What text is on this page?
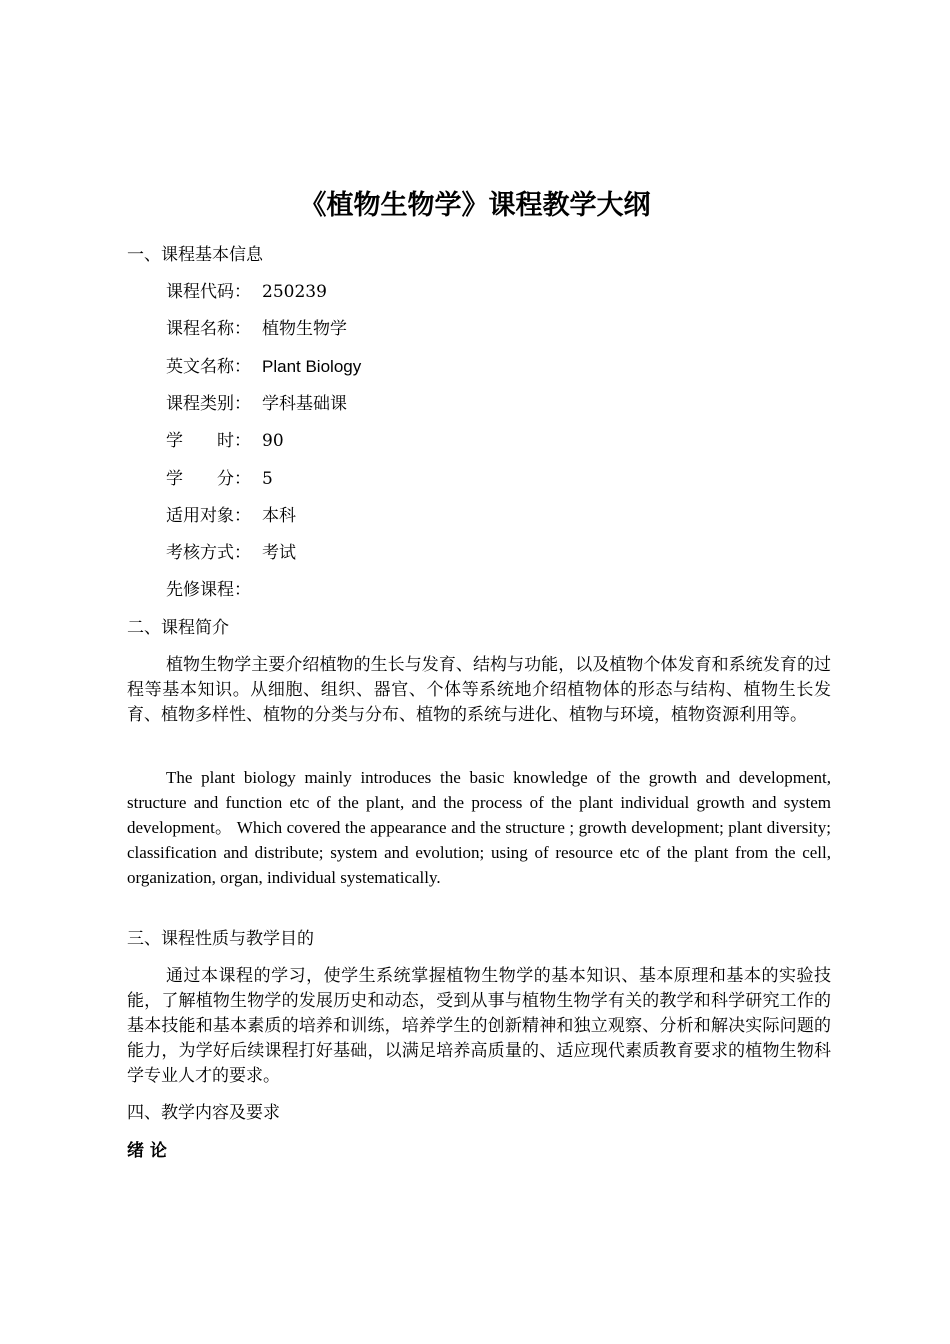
《植物生物学》课程教学大纲
一、课程基本信息
课程代码： 250239
课程名称： 植物生物学
英文名称： Plant Biology
课程类别： 学科基础课
学　　时： 90
学　　分： 5
适用对象： 本科
考核方式： 考试
先修课程：
二、课程简介
植物生物学主要介绍植物的生长与发育、结构与功能，以及植物个体发育和系统发育的过程等基本知识。从细胞、组织、器官、个体等系统地介绍植物体的形态与结构、植物生长发育、植物多样性、植物的分类与分布、植物的系统与进化、植物与环境，植物资源利用等。
The plant biology mainly introduces the basic knowledge of the growth and development, structure and function etc of the plant, and the process of the plant individual growth and system development。 Which covered the appearance and the structure ; growth development; plant diversity; classification and distribute; system and evolution; using of resource etc of the plant from the cell, organization, organ, individual systematically.
三、课程性质与教学目的
通过本课程的学习，使学生系统掌握植物生物学的基本知识、基本原理和基本的实验技能，了解植物生物学的发展历史和动态，受到从事与植物生物学有关的教学和科学研究工作的基本技能和基本素质的培养和训练，培养学生的创新精神和独立观察、分析和解决实际问题的能力，为学好后续课程打好基础，以满足培养高质量的、适应现代素质教育要求的植物生物科学专业人才的要求。
四、教学内容及要求
绪 论
